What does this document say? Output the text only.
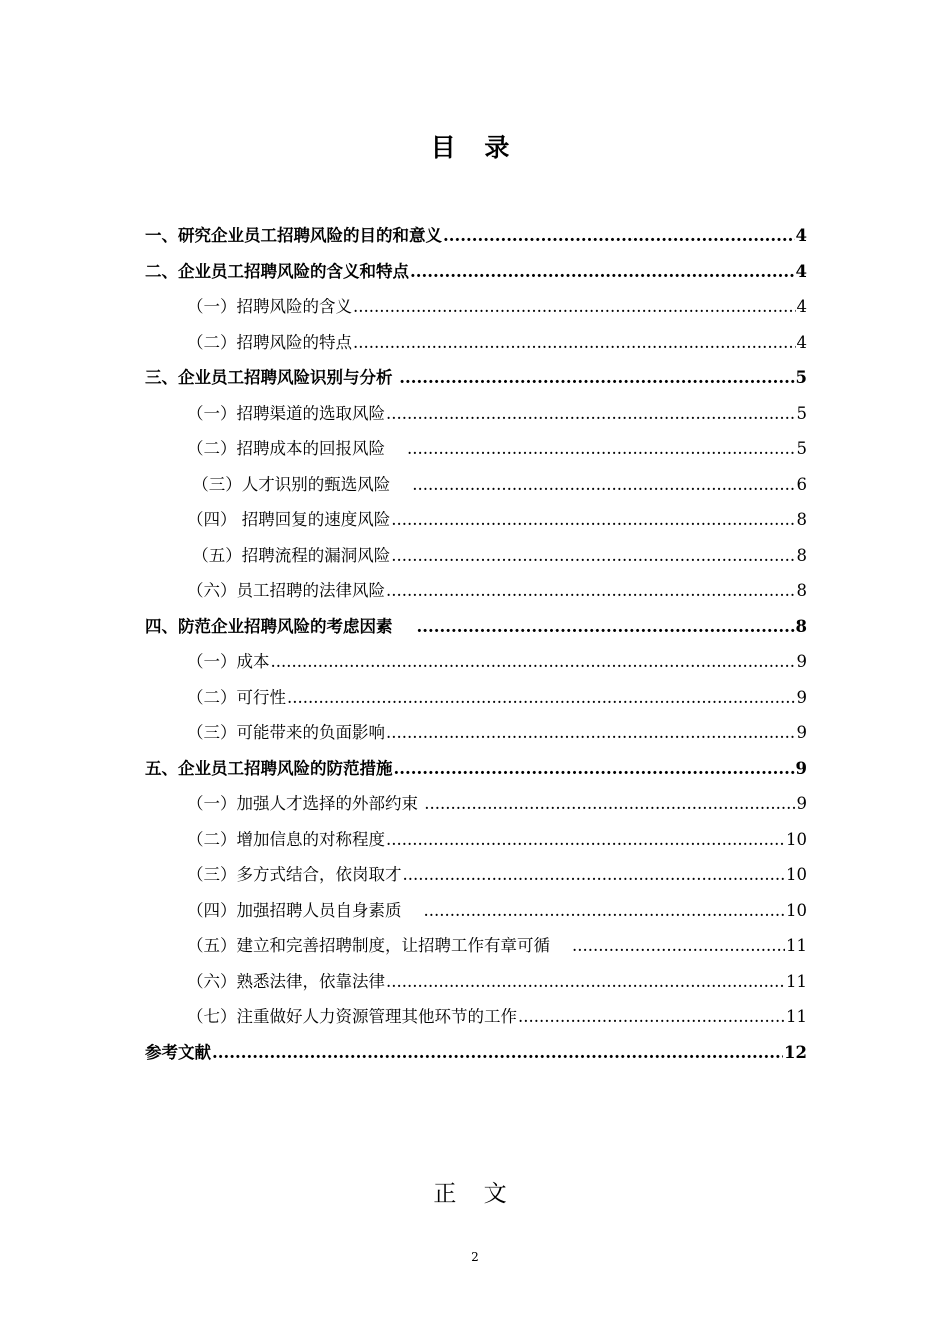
目 录
一、研究企业员工招聘风险的目的和意义 .....	4
二、企业员工招聘风险的含义和特点 .....	4
（一）招聘风险的含义 .....	4
（二）招聘风险的特点 .....	4
三、企业员工招聘风险识别与分析 .....	5
（一）招聘渠道的选取风险 .....	5
（二）招聘成本的回报风险 .....	5
（三）人才识别的甄选风险 .....	6
（四） 招聘回复的速度风险 .....	8
（五）招聘流程的漏洞风险 .....	8
（六）员工招聘的法律风险 .....	8
四、防范企业招聘风险的考虑因素 .....	8
（一）成本 .....	9
（二）可行性 .....	9
（三）可能带来的负面影响 .....	9
五、企业员工招聘风险的防范措施 .....	9
（一）加强人才选择的外部约束 .....	9
（二）增加信息的对称程度 .....	10
（三）多方式结合，依岗取才 .....	10
（四）加强招聘人员自身素质 .....	10
（五）建立和完善招聘制度，让招聘工作有章可循 .....	11
（六）熟悉法律，依靠法律 .....	11
（七）注重做好人力资源管理其他环节的工作 .....	11
参考文献 .....	12
正 文
2
